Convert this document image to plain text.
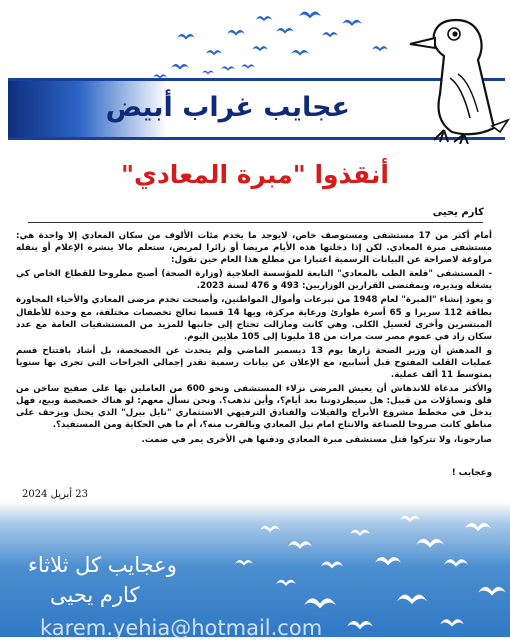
عجايب غراب أبيض
أنقذوا "مبرة المعادي"
كارم يحيى

أمام أكثر من 17 مستشفى ومستوصف خاص، لايوجد ما يخدم مئات الألوف من سكان المعادي إلا واحدة هي: مستشفى مبرة المعادي. لكن إذا دخلتها هذه الأيام مريضا أو زائرا لمريض، ستعلم مالا ينشره الإعلام أو ينقله مراوغة لاصراحة عن البيانات الرسمية اعتبارا من مطلع هذا العام حين تقول:

- المستشفى "قلعة الطب بالمعادي" التابعة للمؤسسة العلاجية (وزارة الصحة) أصبح مطروحا للقطاع الخاص كي يشغله ويديره، وبمقتضى القرارين الوزاريين: 493 و 476 لسنة 2023.

و يعود إنشاء "المبرة" لعام 1948 من تبرعات وأموال المواطنين، وأصبحت تخدم مرضى المعادي والأحياء المجاورة بطاقة 112 سريرا و 65 أسرة طوارئ ورعاية مركزة، وبها 14 قسما تعالج تخصصات مختلفة، مع وحدة للأطفال المبتسرين وأخرى لغسيل الكلى. وهي كانت ومازالت تحتاج إلى جانبها للمزيد من المستشفيات العامة مع عدد سكان زاد في عموم مصر ست مرات من 18 مليونا إلى 105 ملايين اليوم.

و المدهش أن وزير الصحة زارها يوم 13 ديسمبر الماضي ولم يتحدث عن الخصخصة، بل أشاد بافتتاح قسم عمليات القلب المفتوح قبل أسابيع، مع الإعلان عن بيانات رسمية تقدر إجمالي الجراحات التي تجرى بها سنويا بمتوسط 11 ألف عملية.

والأكثر مدعاة للاندهاش أن يعيش المرضى نزلاء المستشفى ونحو 600 من العاملين بها على صفيح ساخن من قلق وتساؤلات من قبيل: هل سيطردوننا بعد أيام؟، وأين نذهب؟. ونحن نسأل معهم: لو هناك خصخصة وبيع، فهل يدخل في مخطط مشروع الأبراج والفيلات والفنادق الترفيهي الاستثماري "نايل بيرل" الذي يحتل ويزحف على مناطق كانت صروحا للصناعة والانتاج امام نيل المعادي وبالقرب منه؟، أم ما هي الحكاية ومن المستفيد؟.

صارحونا، ولا تتركوا قتل مستشفى مبرة المعادي ودفنها هي الأخرى يمر في صمت.

وعجايب !
23 أبريل 2024
وعجايب كل ثلاثاء
كارم يحيى
karem.yehia@hotmail.com
